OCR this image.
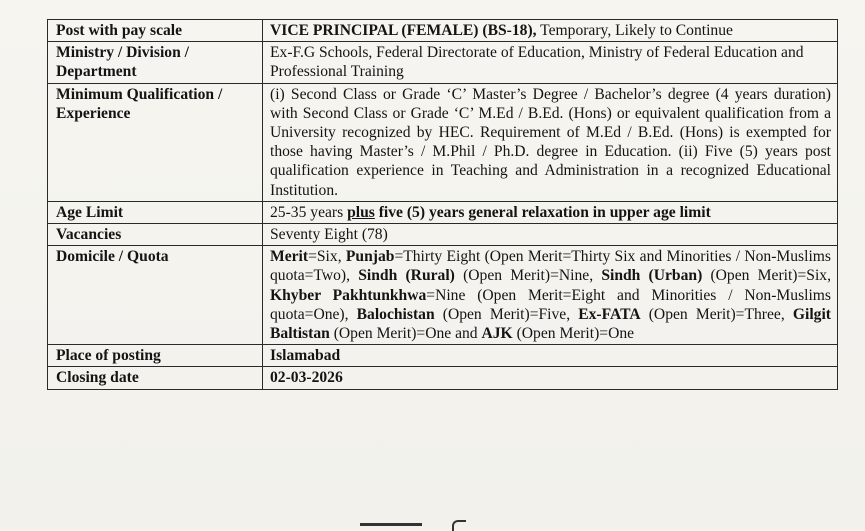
Post with pay scale	VICE PRINCIPAL (FEMALE) (BS-18), Temporary, Likely to Continue
Ministry / Division / Department	Ex-F.G Schools, Federal Directorate of Education, Ministry of Federal Education and Professional Training
Minimum Qualification / Experience	(i) Second Class or Grade ‘C’ Master’s Degree / Bachelor’s degree (4 years duration) with Second Class or Grade ‘C’ M.Ed / B.Ed. (Hons) or equivalent qualification from a University recognized by HEC. Requirement of M.Ed / B.Ed. (Hons) is exempted for those having Master’s / M.Phil / Ph.D. degree in Education. (ii) Five (5) years post qualification experience in Teaching and Administration in a recognized Educational Institution.
Age Limit	25-35 years plus five (5) years general relaxation in upper age limit
Vacancies	Seventy Eight (78)
Domicile / Quota	Merit=Six, Punjab=Thirty Eight (Open Merit=Thirty Six and Minorities / Non-Muslims quota=Two), Sindh (Rural) (Open Merit)=Nine, Sindh (Urban) (Open Merit)=Six, Khyber Pakhtunkhwa=Nine (Open Merit=Eight and Minorities / Non-Muslims quota=One), Balochistan (Open Merit)=Five, Ex-FATA (Open Merit)=Three, Gilgit Baltistan (Open Merit)=One and AJK (Open Merit)=One
Place of posting	Islamabad
Closing date	02-03-2026
